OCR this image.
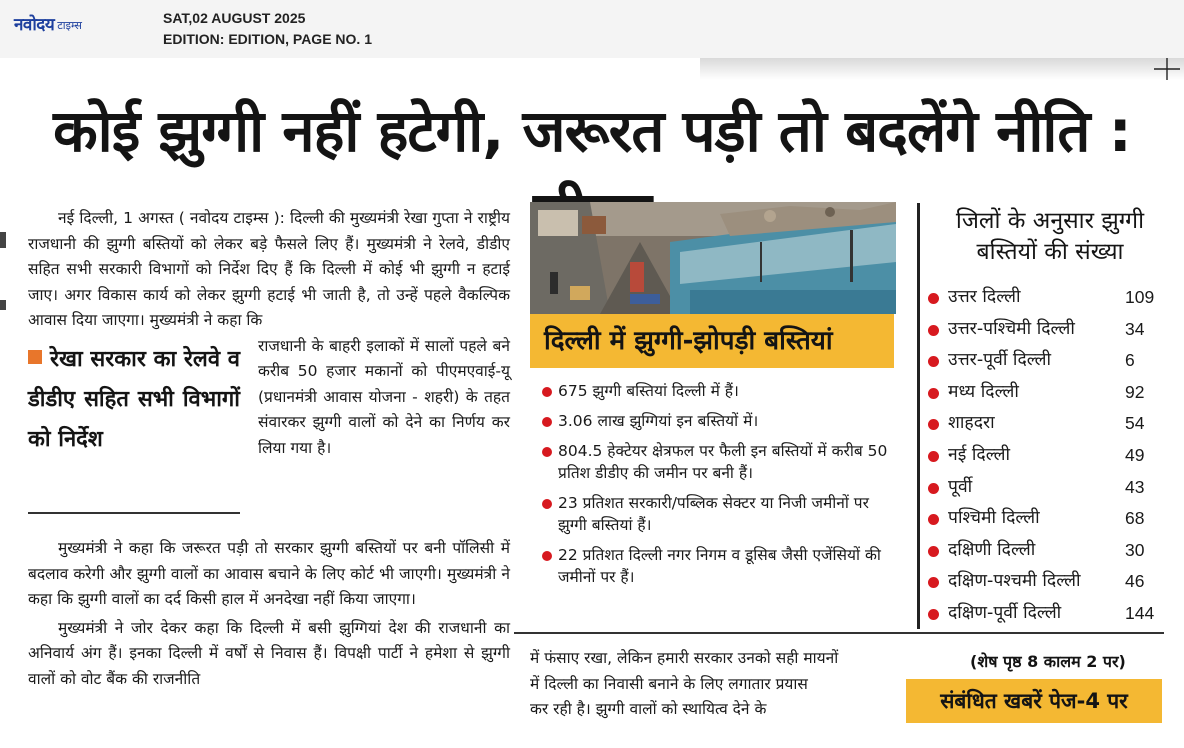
नवोदय टाइम्स	SAT,02 AUGUST 2025
EDITION: EDITION, PAGE NO. 1
कोई झुग्गी नहीं हटेगी, जरूरत पड़ी तो बदलेंगे नीति :

नई दिल्ली, 1 अगस्त ( नवोदय टाइम्स ): दिल्ली की मुख्यमंत्री रेखा गुप्ता ने राष्ट्रीय राजधानी की झुग्गी बस्तियों को लेकर बड़े फैसले लिए हैं। मुख्यमंत्री ने रेलवे, डीडीए सहित सभी सरकारी विभागों को निर्देश दिए हैं कि दिल्ली में कोई भी झुग्गी न हटाई जाए। अगर विकास कार्य को लेकर झुग्गी हटाई भी जाती है, तो उन्हें पहले वैकल्पिक आवास दिया जाएगा। मुख्यमंत्री ने कहा कि

रेखा सरकार का रेलवे व डीडीए सहित सभी विभागों को निर्देश

राजधानी के बाहरी इलाकों में सालों पहले बने करीब 50 हजार मकानों को पीएमएवाई-यू (प्रधानमंत्री आवास योजना - शहरी) के तहत संवारकर झुग्गी वालों को देने का निर्णय कर लिया गया है।

मुख्यमंत्री ने कहा कि जरूरत पड़ी तो सरकार झुग्गी बस्तियों पर बनी पॉलिसी में बदलाव करेगी और झुग्गी वालों का आवास बचाने के लिए कोर्ट भी जाएगी। मुख्यमंत्री ने कहा कि झुग्गी वालों का दर्द किसी हाल में अनदेखा नहीं किया जाएगा।

मुख्यमंत्री ने जोर देकर कहा कि दिल्ली में बसी झुग्गियां देश की राजधानी का अनिवार्य अंग हैं। इनका दिल्ली में वर्षों से निवास हैं। विपक्षी पार्टी ने हमेशा से झुग्गी वालों को वोट बैंक की राजनीति

दिल्ली में झुग्गी-झोपड़ी बस्तियां
675 झुग्गी बस्तियां दिल्ली में हैं।
3.06 लाख झुग्गियां इन बस्तियों में।
804.5 हेक्टेयर क्षेत्रफल पर फैली इन बस्तियों में करीब 50 प्रतिश डीडीए की जमीन पर बनी हैं।
23 प्रतिशत सरकारी/पब्लिक सेक्टर या निजी जमीनों पर झुग्गी बस्तियां हैं।
22 प्रतिशत दिल्ली नगर निगम व डूसिब जैसी एजेंसियों की जमीनों पर हैं।
जिलों के अनुसार झुग्गी बस्तियों की संख्या
उत्तर दिल्ली	109
उत्तर-पश्चिमी दिल्ली	34
उत्तर-पूर्वी दिल्ली	6
मध्य दिल्ली	92
शाहदरा	54
नई दिल्ली	49
पूर्वी	43
पश्चिमी दिल्ली	68
दक्षिणी दिल्ली	30
दक्षिण-पश्चमी दिल्ली	46
दक्षिण-पूर्वी दिल्ली	144
में फंसाए रखा, लेकिन हमारी सरकार उनको सही मायनों
में दिल्ली का निवासी बनाने के लिए लगातार प्रयास
कर रही है। झुग्गी वालों को स्थायित्व देने के
(शेष पृष्ठ 8 कालम 2 पर)
संबंधित खबरें पेज-4 पर
